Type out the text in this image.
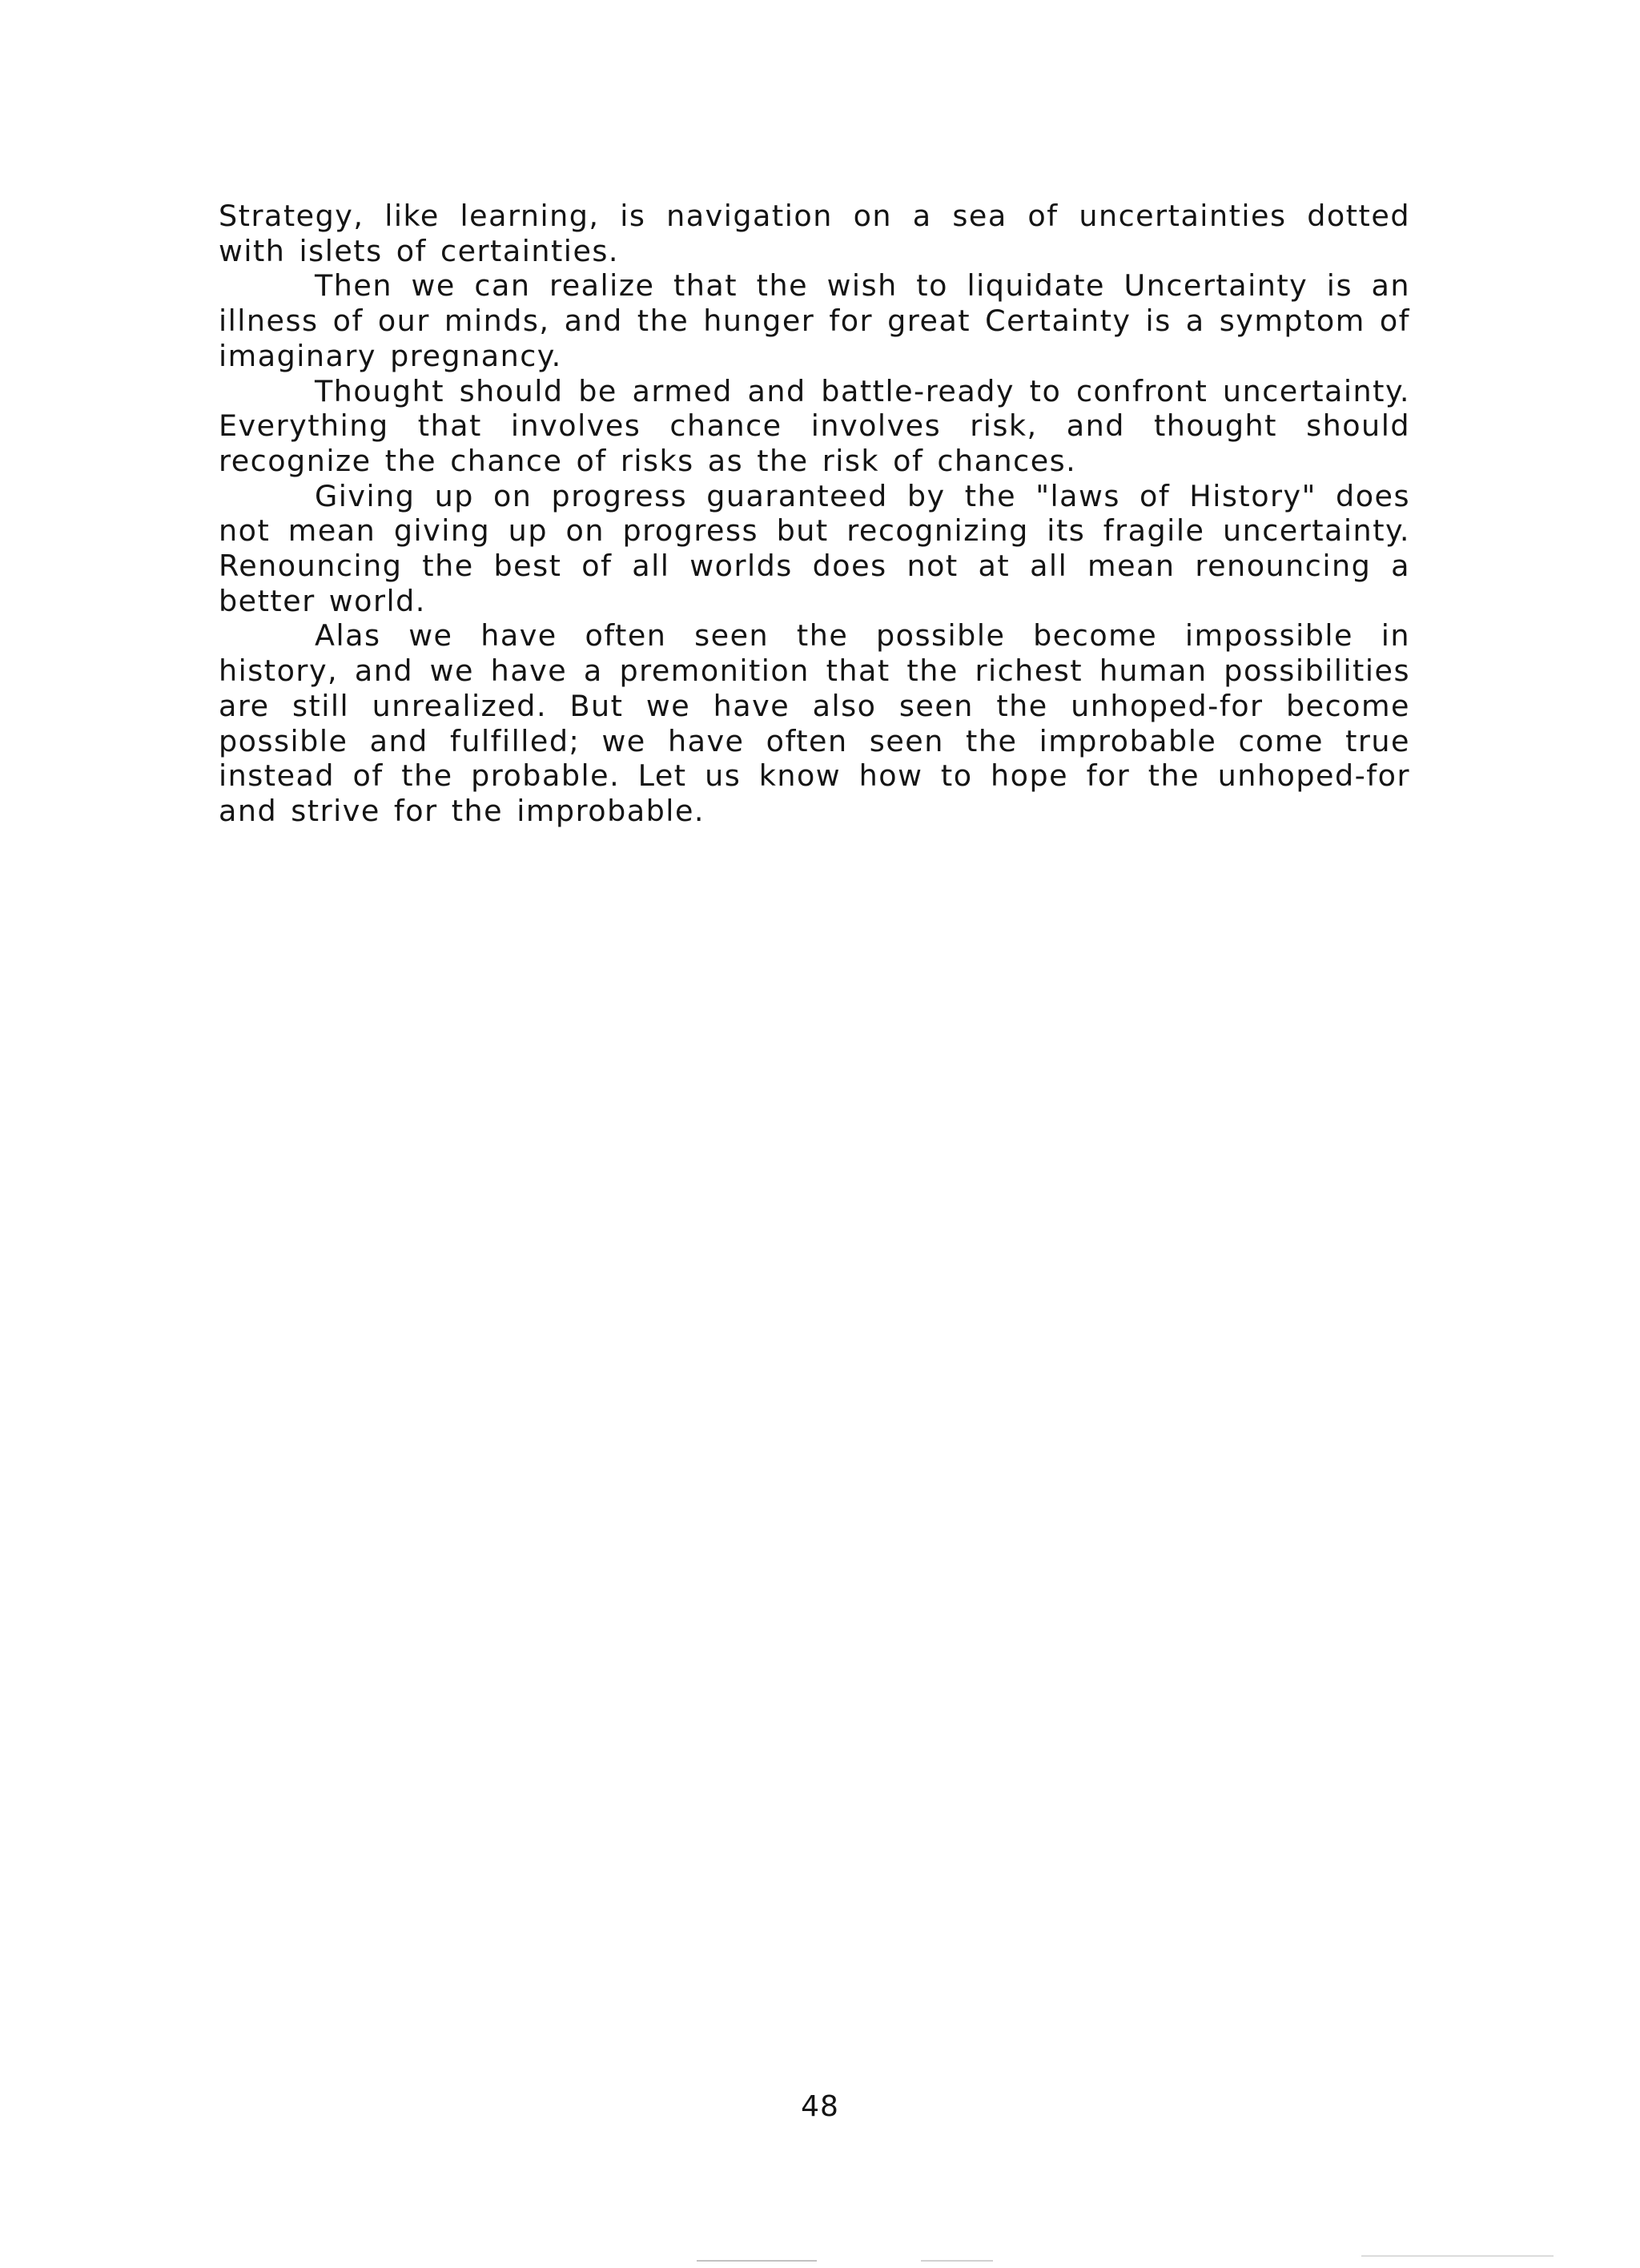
Strategy, like learning, is navigation on a sea of uncertainties dotted with islets of certainties.

Then we can realize that the wish to liquidate Uncertainty is an illness of our minds, and the hunger for great Certainty is a symptom of imaginary pregnancy.

Thought should be armed and battle-ready to confront uncertainty. Everything that involves chance involves risk, and thought should recognize the chance of risks as the risk of chances.

Giving up on progress guaranteed by the "laws of History" does not mean giving up on progress but recognizing its fragile uncertainty. Renouncing the best of all worlds does not at all mean renouncing a better world.

Alas we have often seen the possible become impossible in history, and we have a premonition that the richest human possibilities are still unrealized. But we have also seen the unhoped-for become possible and fulfilled; we have often seen the improbable come true instead of the probable. Let us know how to hope for the unhoped-for and strive for the improbable.

48
